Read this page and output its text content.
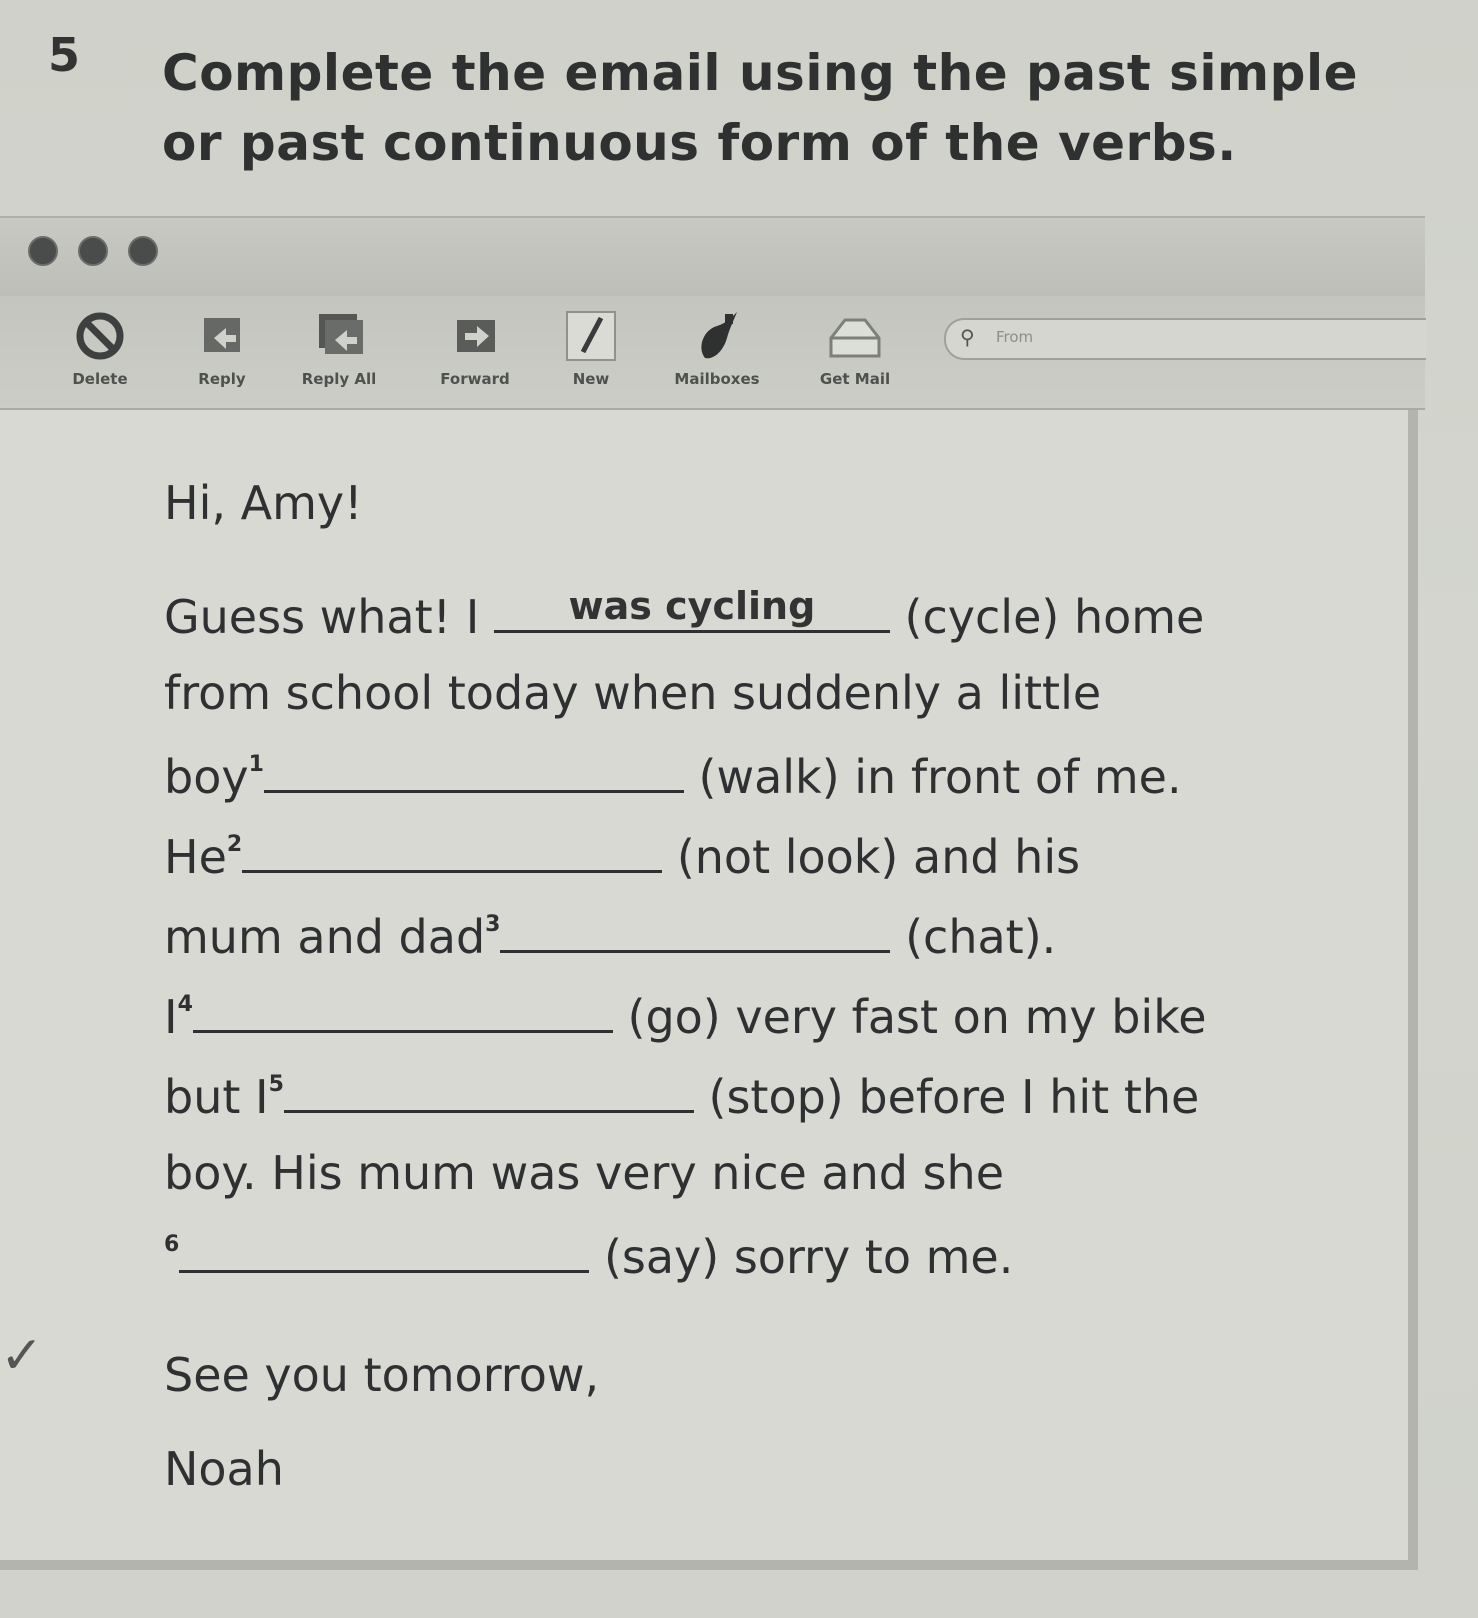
5 Complete the email using the past simple or past continuous form of the verbs.
Delete	Reply	Reply All	Forward	New	Mailboxes	Get Mail
⚲ From
Hi, Amy!
Guess what! I	was cycling	(cycle) home
from school today when suddenly a little
boy$^1$	(walk) in front of me.
He$^2$	(not look) and his
mum and dad$^3$	(chat).
$I^4$	(go) very fast on my bike
but $I^5$	(stop) before I hit the
boy. His mum was very nice and she
$^6$	(say) sorry to me.
See you tomorrow,
Noah
✓
